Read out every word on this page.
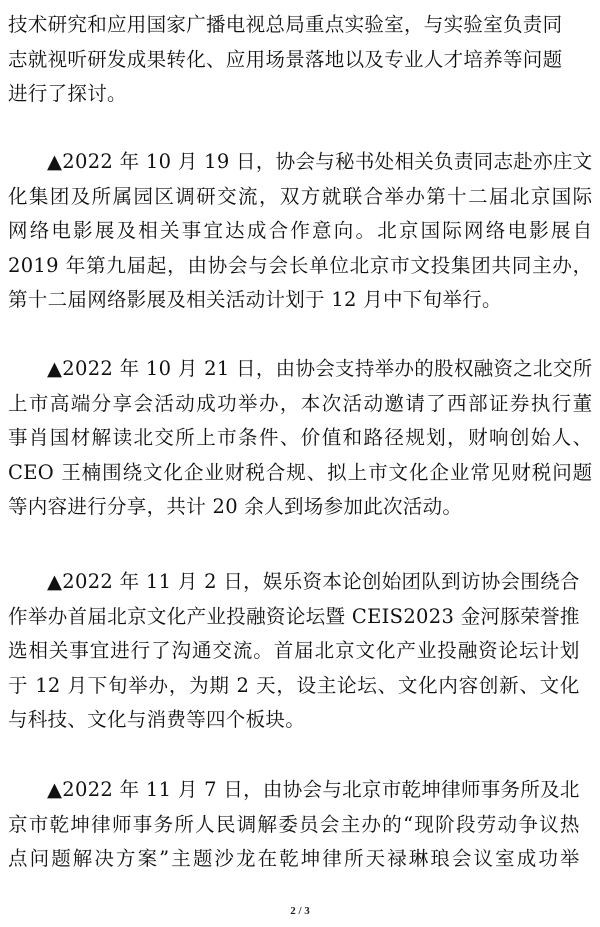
技术研究和应用国家广播电视总局重点实验室，与实验室负责同
志就视听研发成果转化、应用场景落地以及专业人才培养等问题
进行了探讨。
▲2022 年 10 月 19 日，协会与秘书处相关负责同志赴亦庄文
化集团及所属园区调研交流，双方就联合举办第十二届北京国际
网络电影展及相关事宜达成合作意向。北京国际网络电影展自
2019 年第九届起，由协会与会长单位北京市文投集团共同主办，
第十二届网络影展及相关活动计划于 12 月中下旬举行。
▲2022 年 10 月 21 日，由协会支持举办的股权融资之北交所
上市高端分享会活动成功举办，本次活动邀请了西部证券执行董
事肖国材解读北交所上市条件、价值和路径规划，财响创始人、
CEO 王楠围绕文化企业财税合规、拟上市文化企业常见财税问题
等内容进行分享，共计 20 余人到场参加此次活动。
▲2022 年 11 月 2 日，娱乐资本论创始团队到访协会围绕合
作举办首届北京文化产业投融资论坛暨 CEIS2023 金河豚荣誉推
选相关事宜进行了沟通交流。首届北京文化产业投融资论坛计划
于 12 月下旬举办，为期 2 天，设主论坛、文化内容创新、文化
与科技、文化与消费等四个板块。
▲2022 年 11 月 7 日，由协会与北京市乾坤律师事务所及北
京市乾坤律师事务所人民调解委员会主办的“现阶段劳动争议热
点问题解决方案”主题沙龙在乾坤律所天禄琳琅会议室成功举
2 / 3
